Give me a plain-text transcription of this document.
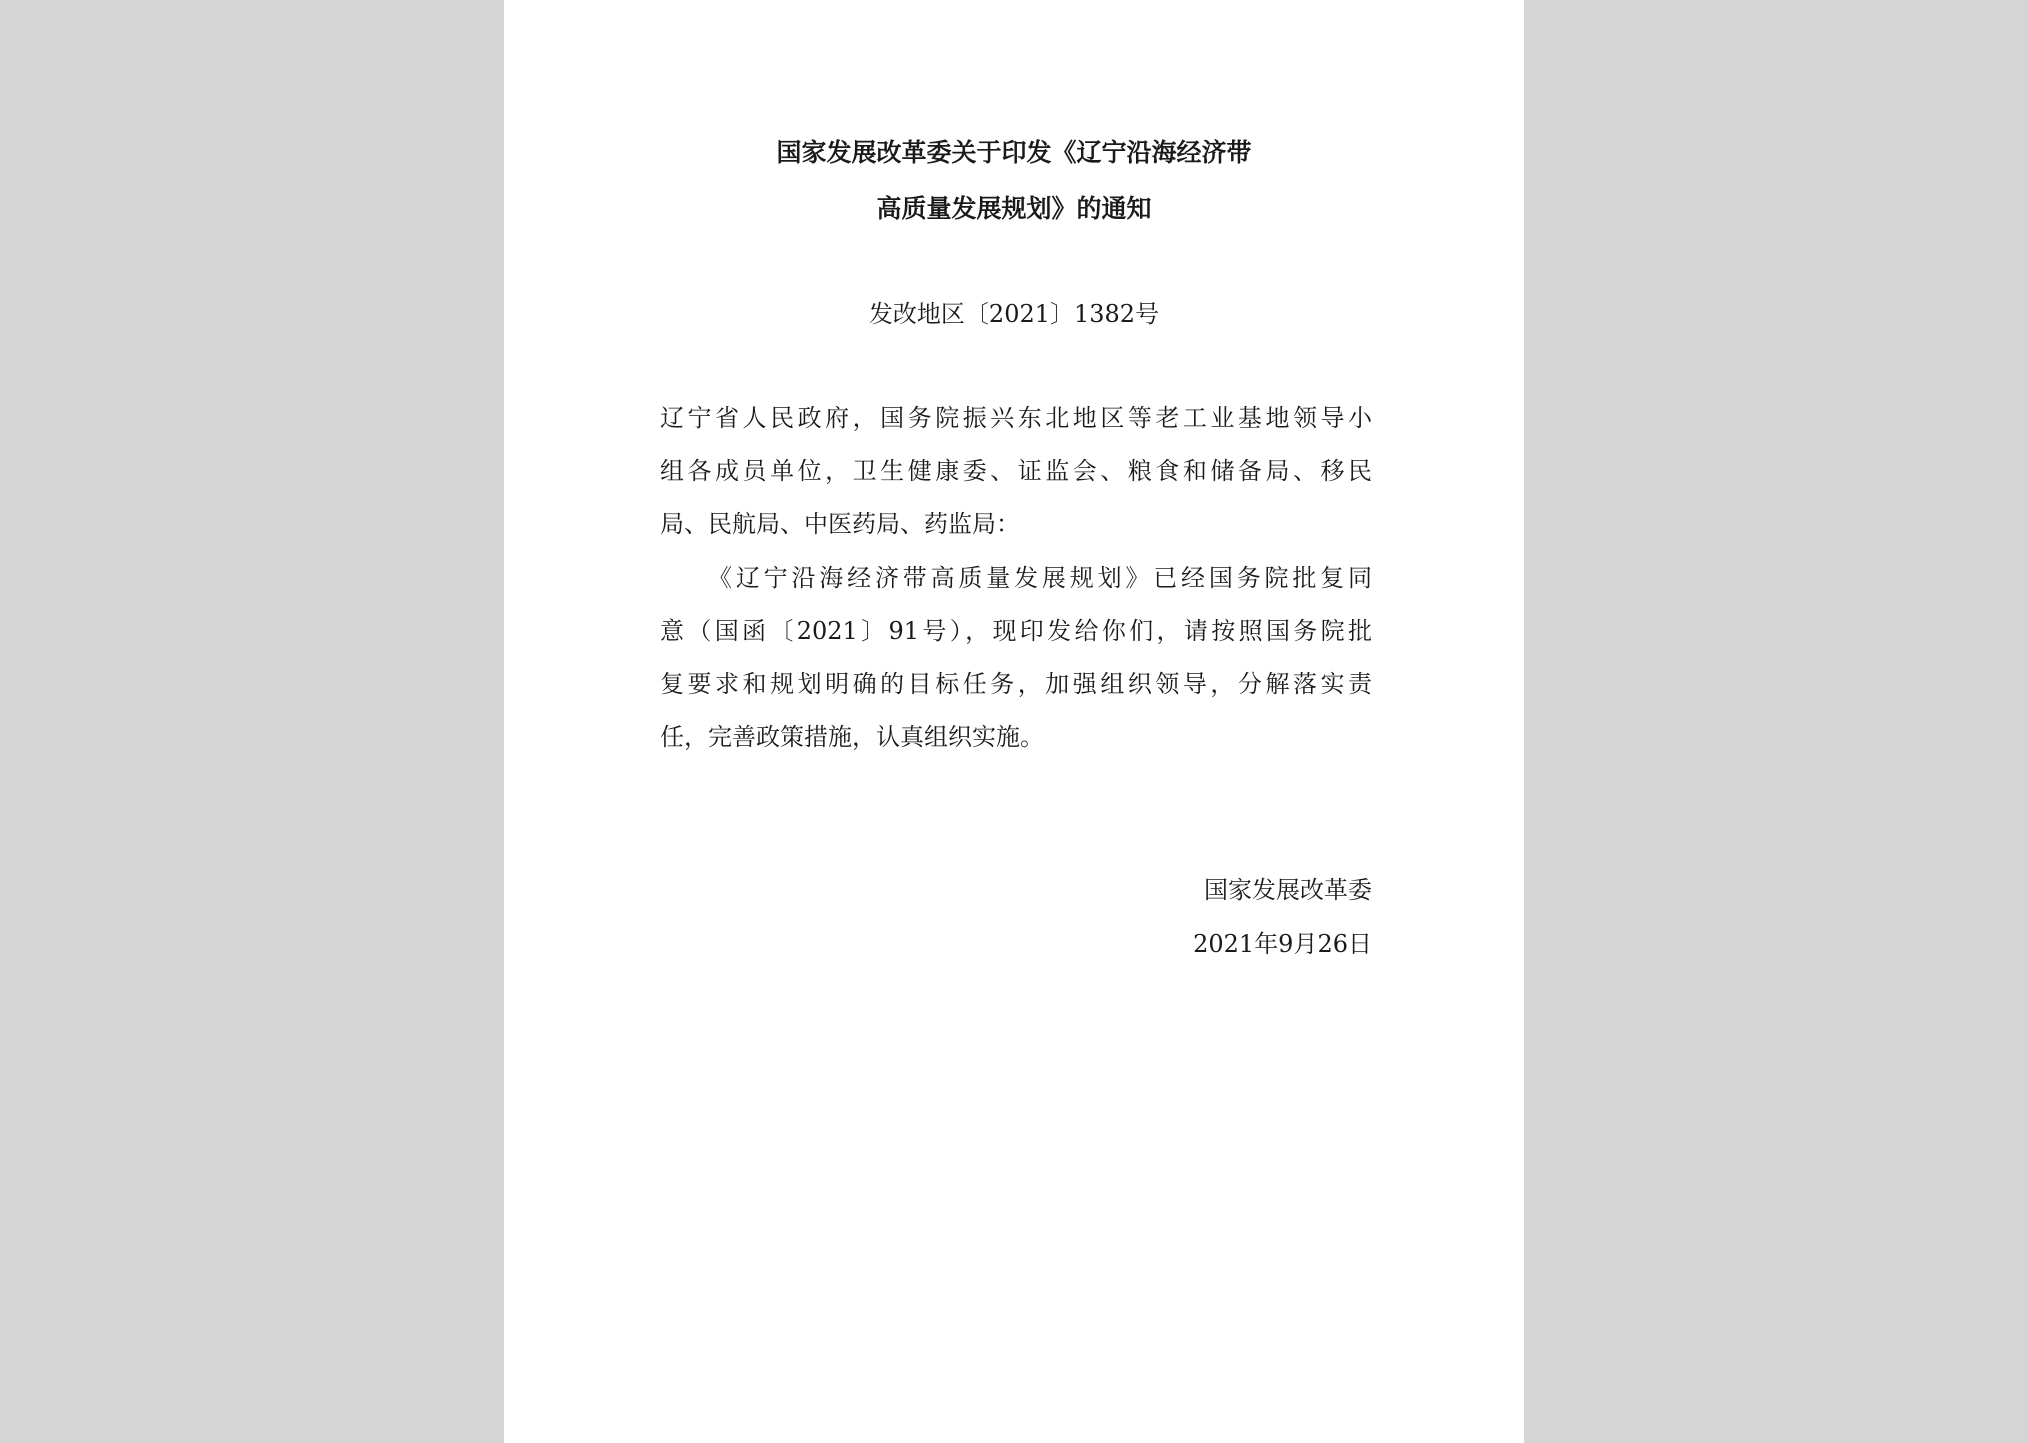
国家发展改革委关于印发《辽宁沿海经济带
高质量发展规划》的通知
发改地区〔2021〕1382号
辽宁省人民政府，国务院振兴东北地区等老工业基地领导小
组各成员单位，卫生健康委、证监会、粮食和储备局、移民
局、民航局、中医药局、药监局：
《辽宁沿海经济带高质量发展规划》已经国务院批复同
意（国函〔2021〕91号），现印发给你们，请按照国务院批
复要求和规划明确的目标任务，加强组织领导，分解落实责
任，完善政策措施，认真组织实施。
国家发展改革委
2021年9月26日
